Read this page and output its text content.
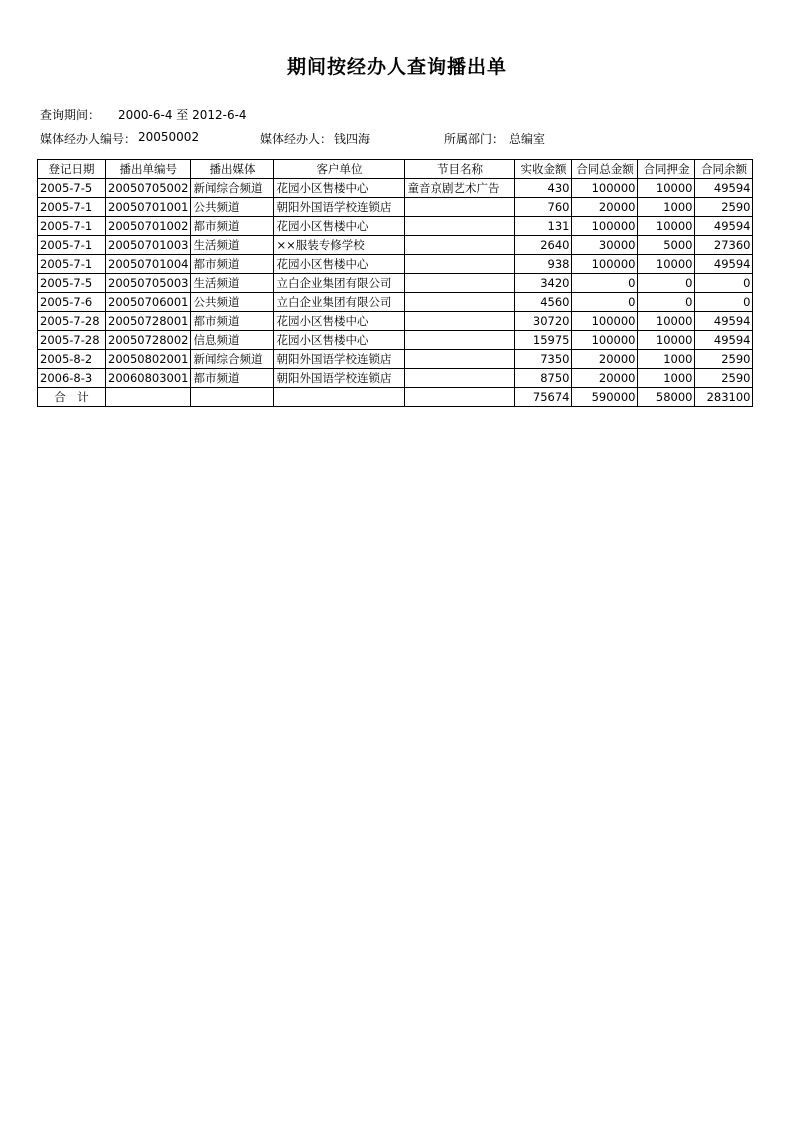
期间按经办人查询播出单
查询期间： 2000-6-4 至 2012-6-4
媒体经办人编号： 20050002	媒体经办人： 钱四海	所属部门： 总编室
登记日期	播出单编号	播出媒体	客户单位	节目名称	实收金额	合同总金额	合同押金	合同余额
2005-7-5	20050705002	新闻综合频道	花园小区售楼中心	童音京剧艺术广告	430	100000	10000	49594
2005-7-1	20050701001	公共频道	朝阳外国语学校连锁店		760	20000	1000	2590
2005-7-1	20050701002	都市频道	花园小区售楼中心		131	100000	10000	49594
2005-7-1	20050701003	生活频道	××服装专修学校		2640	30000	5000	27360
2005-7-1	20050701004	都市频道	花园小区售楼中心		938	100000	10000	49594
2005-7-5	20050705003	生活频道	立白企业集团有限公司		3420	0	0	0
2005-7-6	20050706001	公共频道	立白企业集团有限公司		4560	0	0	0
2005-7-28	20050728001	都市频道	花园小区售楼中心		30720	100000	10000	49594
2005-7-28	20050728002	信息频道	花园小区售楼中心		15975	100000	10000	49594
2005-8-2	20050802001	新闻综合频道	朝阳外国语学校连锁店		7350	20000	1000	2590
2006-8-3	20060803001	都市频道	朝阳外国语学校连锁店		8750	20000	1000	2590
合　计					75674	590000	58000	283100
